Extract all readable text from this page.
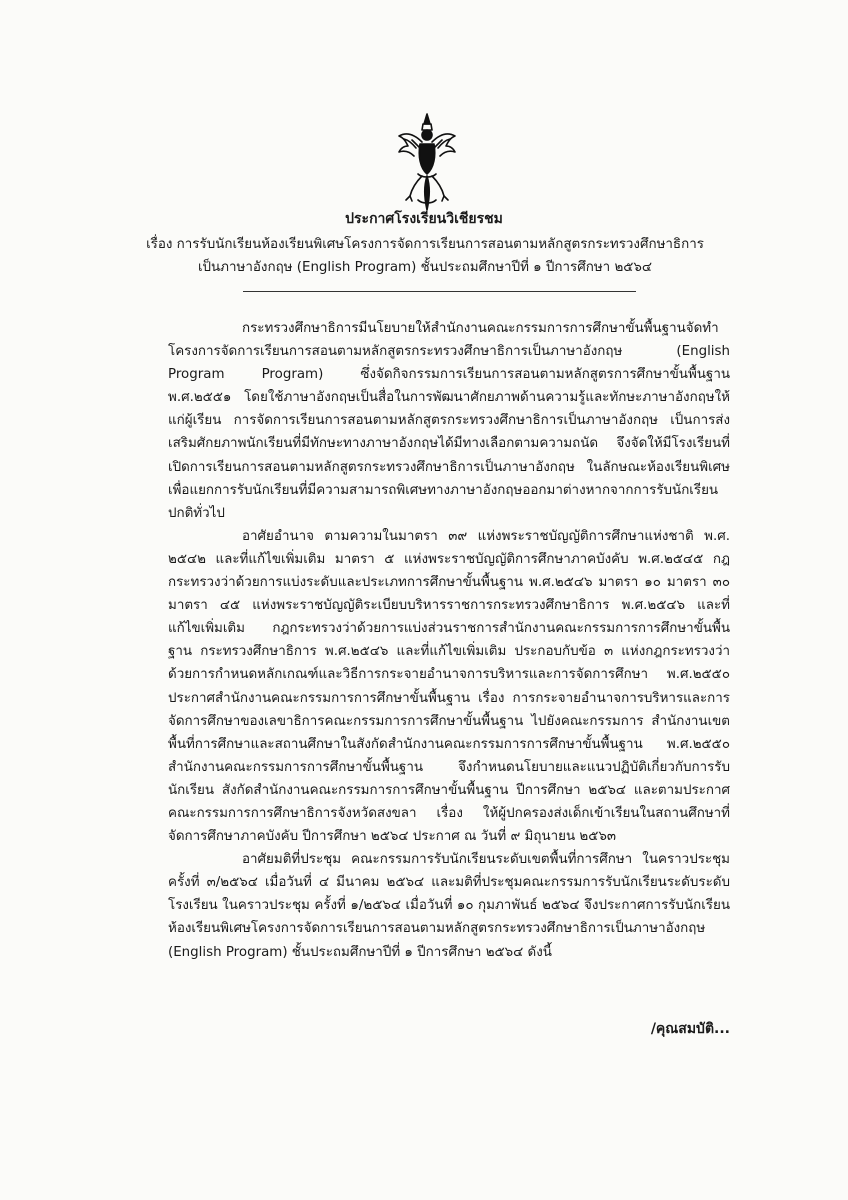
ประกาศโรงเรียนวิเชียรชม

เรื่อง การรับนักเรียนห้องเรียนพิเศษโครงการจัดการเรียนการสอนตามหลักสูตรกระทรวงศึกษาธิการ
เป็นภาษาอังกฤษ (English Program) ชั้นประถมศึกษาปีที่ ๑ ปีการศึกษา ๒๕๖๔

กระทรวงศึกษาธิการมีนโยบายให้สำนักงานคณะกรรมการการศึกษาขั้นพื้นฐานจัดทำโครงการจัดการเรียนการสอนตามหลักสูตรกระทรวงศึกษาธิการเป็นภาษาอังกฤษ (English Program Program) ซึ่งจัดกิจกรรมการเรียนการสอนตามหลักสูตรการศึกษาขั้นพื้นฐาน พ.ศ.๒๕๕๑ โดยใช้ภาษาอังกฤษเป็นสื่อในการพัฒนาศักยภาพด้านความรู้และทักษะภาษาอังกฤษให้แก่ผู้เรียน การจัดการเรียนการสอนตามหลักสูตรกระทรวงศึกษาธิการเป็นภาษาอังกฤษ เป็นการส่งเสริมศักยภาพนักเรียนที่มีทักษะทางภาษาอังกฤษได้มีทางเลือกตามความถนัด จึงจัดให้มีโรงเรียนที่เปิดการเรียนการสอนตามหลักสูตรกระทรวงศึกษาธิการเป็นภาษาอังกฤษ ในลักษณะห้องเรียนพิเศษเพื่อแยกการรับนักเรียนที่มีความสามารถพิเศษทางภาษาอังกฤษออกมาต่างหากจากการรับนักเรียนปกติทั่วไป

อาศัยอำนาจ ตามความในมาตรา ๓๙ แห่งพระราชบัญญัติการศึกษาแห่งชาติ พ.ศ. ๒๕๔๒ และที่แก้ไขเพิ่มเติม มาตรา ๕ แห่งพระราชบัญญัติการศึกษาภาคบังคับ พ.ศ.๒๕๔๕ กฎกระทรวงว่าด้วยการแบ่งระดับและประเภทการศึกษาขั้นพื้นฐาน พ.ศ.๒๕๔๖ มาตรา ๑๐ มาตรา ๓๐ มาตรา ๔๕ แห่งพระราชบัญญัติระเบียบบริหารราชการกระทรวงศึกษาธิการ พ.ศ.๒๕๔๖ และที่แก้ไขเพิ่มเติม กฎกระทรวงว่าด้วยการแบ่งส่วนราชการสำนักงานคณะกรรมการการศึกษาขั้นพื้นฐาน กระทรวงศึกษาธิการ พ.ศ.๒๕๔๖ และที่แก้ไขเพิ่มเติม ประกอบกับข้อ ๓ แห่งกฎกระทรวงว่าด้วยการกำหนดหลักเกณฑ์และวิธีการกระจายอำนาจการบริหารและการจัดการศึกษา พ.ศ.๒๕๕๐ ประกาศสำนักงานคณะกรรมการการศึกษาขั้นพื้นฐาน เรื่อง การกระจายอำนาจการบริหารและการจัดการศึกษาของเลขาธิการคณะกรรมการการศึกษาขั้นพื้นฐาน ไปยังคณะกรรมการ สำนักงานเขตพื้นที่การศึกษาและสถานศึกษาในสังกัดสำนักงานคณะกรรมการการศึกษาขั้นพื้นฐาน พ.ศ.๒๕๕๐ สำนักงานคณะกรรมการการศึกษาขั้นพื้นฐาน จึงกำหนดนโยบายและแนวปฏิบัติเกี่ยวกับการรับนักเรียน สังกัดสำนักงานคณะกรรมการการศึกษาขั้นพื้นฐาน ปีการศึกษา ๒๕๖๔ และตามประกาศคณะกรรมการการศึกษาธิการจังหวัดสงขลา เรื่อง ให้ผู้ปกครองส่งเด็กเข้าเรียนในสถานศึกษาที่จัดการศึกษาภาคบังคับ ปีการศึกษา ๒๕๖๔ ประกาศ ณ วันที่ ๙ มิถุนายน ๒๕๖๓

อาศัยมติที่ประชุม คณะกรรมการรับนักเรียนระดับเขตพื้นที่การศึกษา ในคราวประชุม ครั้งที่ ๓/๒๕๖๔ เมื่อวันที่ ๔ มีนาคม ๒๕๖๔ และมติที่ประชุมคณะกรรมการรับนักเรียนระดับระดับโรงเรียน ในคราวประชุม ครั้งที่ ๑/๒๕๖๔ เมื่อวันที่ ๑๐ กุมภาพันธ์ ๒๕๖๔ จึงประกาศการรับนักเรียนห้องเรียนพิเศษโครงการจัดการเรียนการสอนตามหลักสูตรกระทรวงศึกษาธิการเป็นภาษาอังกฤษ (English Program) ชั้นประถมศึกษาปีที่ ๑ ปีการศึกษา ๒๕๖๔ ดังนี้

/คุณสมบัติ...
